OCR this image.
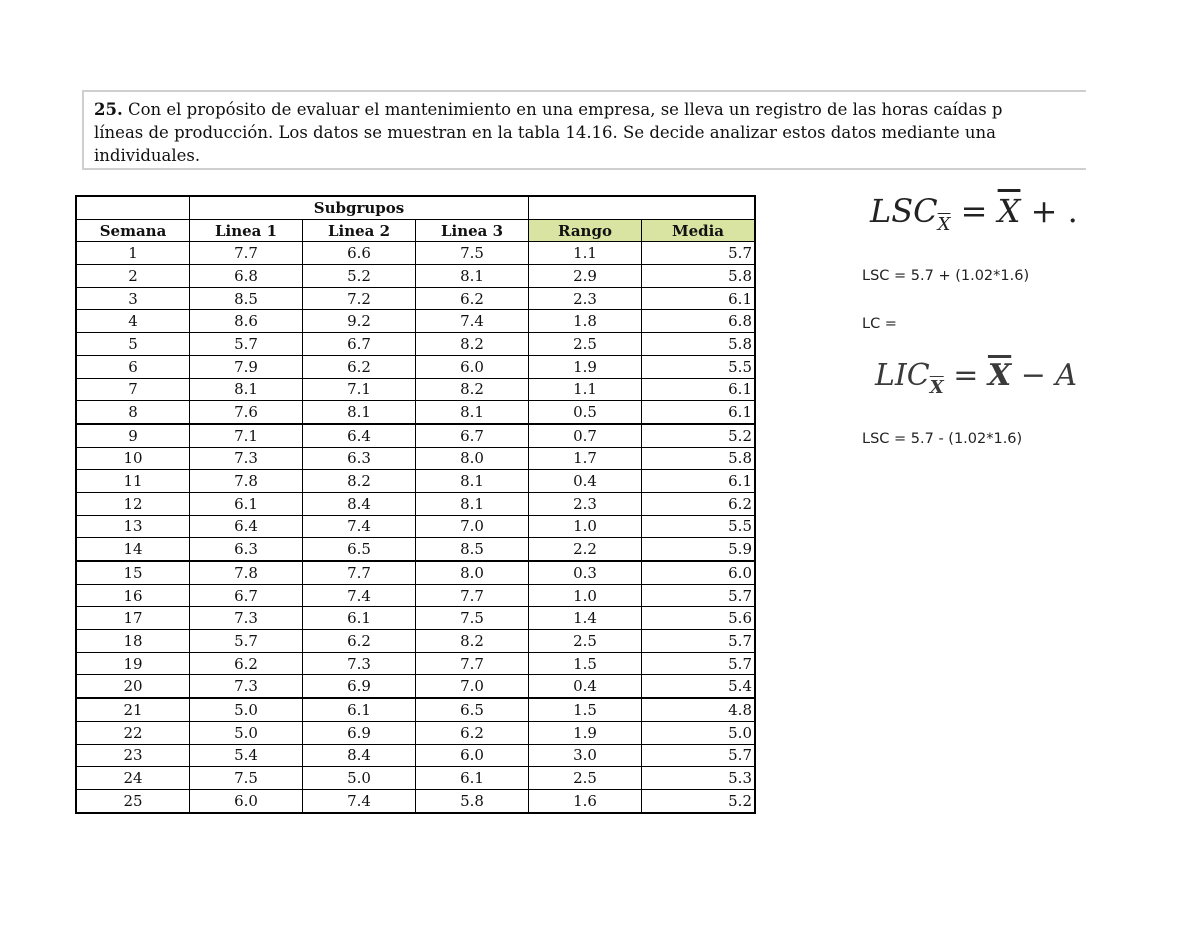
25. Con el propósito de evaluar el mantenimiento en una empresa, se lleva un registro de las horas caídas p

líneas de producción. Los datos se muestran en la tabla 14.16. Se decide analizar estos datos mediante una

individuales.

	Subgrupos				
Semana	Linea 1	Linea 2	Linea 3	Rango	Media
1	7.7	6.6	7.5	1.1	5.7
2	6.8	5.2	8.1	2.9	5.8
3	8.5	7.2	6.2	2.3	6.1
4	8.6	9.2	7.4	1.8	6.8
5	5.7	6.7	8.2	2.5	5.8
6	7.9	6.2	6.0	1.9	5.5
7	8.1	7.1	8.2	1.1	6.1
8	7.6	8.1	8.1	0.5	6.1
9	7.1	6.4	6.7	0.7	5.2
10	7.3	6.3	8.0	1.7	5.8
11	7.8	8.2	8.1	0.4	6.1
12	6.1	8.4	8.1	2.3	6.2
13	6.4	7.4	7.0	1.0	5.5
14	6.3	6.5	8.5	2.2	5.9
15	7.8	7.7	8.0	0.3	6.0
16	6.7	7.4	7.7	1.0	5.7
17	7.3	6.1	7.5	1.4	5.6
18	5.7	6.2	8.2	2.5	5.7
19	6.2	7.3	7.7	1.5	5.7
20	7.3	6.9	7.0	0.4	5.4
21	5.0	6.1	6.5	1.5	4.8
22	5.0	6.9	6.2	1.9	5.0
23	5.4	8.4	6.0	3.0	5.7
24	7.5	5.0	6.1	2.5	5.3
25	6.0	7.4	5.8	1.6	5.2
$LSC_{\overline{X}} = \overline{X}$ + .
LSC = 5.7 + (1.02*1.6)
LC =
$LIC_{\overline{X}} = \overline{X} - A$
LSC = 5.7 - (1.02*1.6)
